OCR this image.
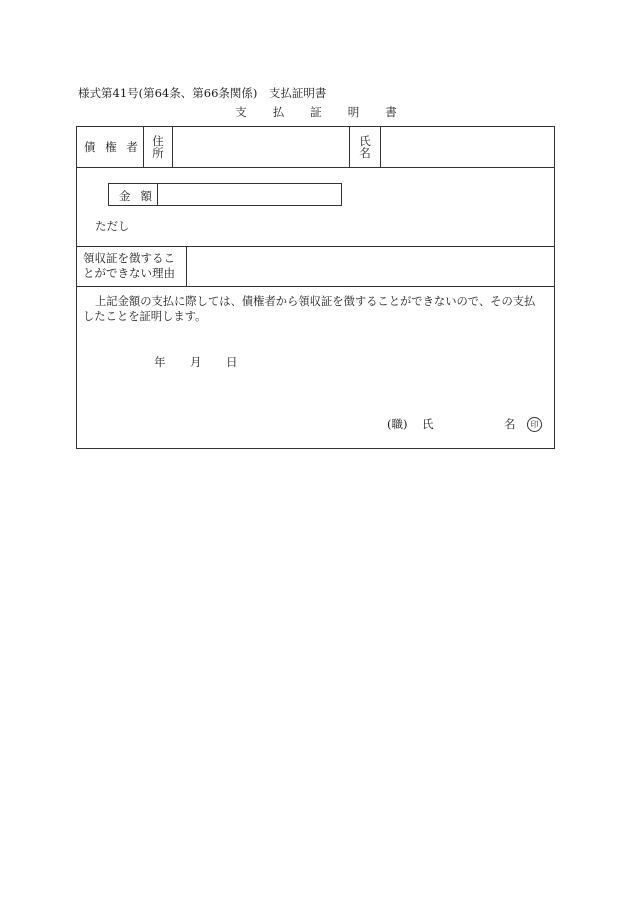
様式第41号(第64条、第66条関係)　支払証明書
支払証明書
債 権 者 住
所
氏
名
金額
ただし
領収証を徴するこ
とができない理由
上記金額の支払に際しては、債権者から領収証を徴することができないので、その支払
したことを証明します。
年 月 日
(職) 氏	名	印
